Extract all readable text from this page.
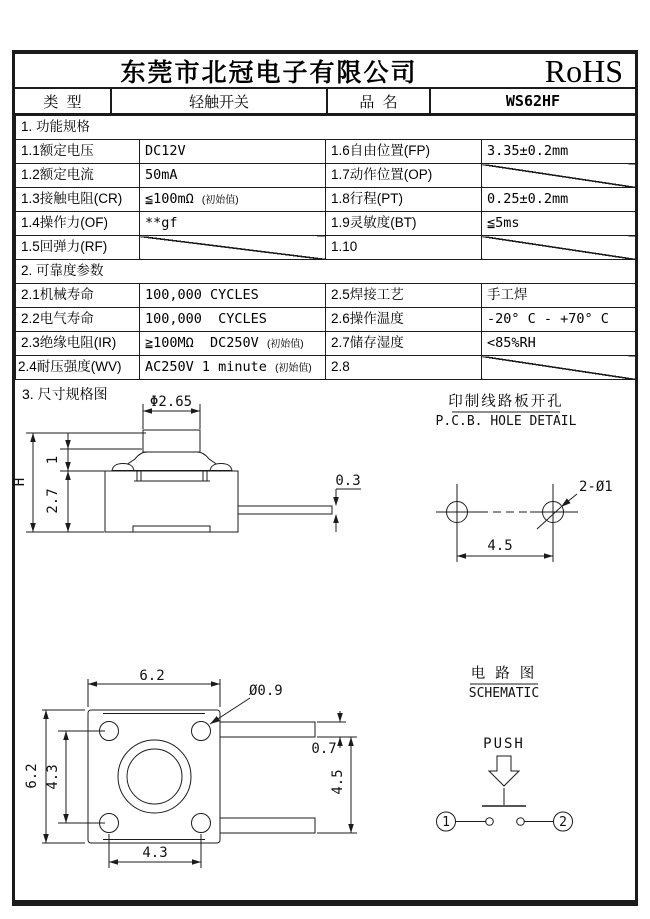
东莞市北冠电子有限公司	RoHS
类  型	轻触开关	品  名	WS62HF
1. 功能规格			
1.1额定电压	DC12V	1.6自由位置(FP)	3.35±0.2mm
1.2额定电流	50mA	1.7动作位置(OP)	
1.3接触电阻(CR)	≦100mΩ (初始值)	1.8行程(PT)	0.25±0.2mm
1.4操作力(OF)	**gf	1.9灵敏度(BT)	≦5ms
1.5回弹力(RF)		1.10	
2. 可靠度参数			
2.1机械寿命	100,000 CYCLES	2.5焊接工艺	手工焊
2.2电气寿命	100,000  CYCLES	2.6操作温度	-20° C - +70° C
2.3绝缘电阻(IR)	≧100MΩ  DC250V (初始值)	2.7储存湿度	<85%RH
2.4耐压强度(WV)	AC250V 1 minute (初始值)	2.8	
3. 尺寸规格图	Φ2.65
H
1
2.7
0.3
印制线路板开孔
P.C.B. HOLE DETAIL
2-Ø1
4.5
6.2
Ø0.9
6.2 4.3
4.3
0.7
4.5
电 路 图
SCHEMATIC
PUSH
1	2
